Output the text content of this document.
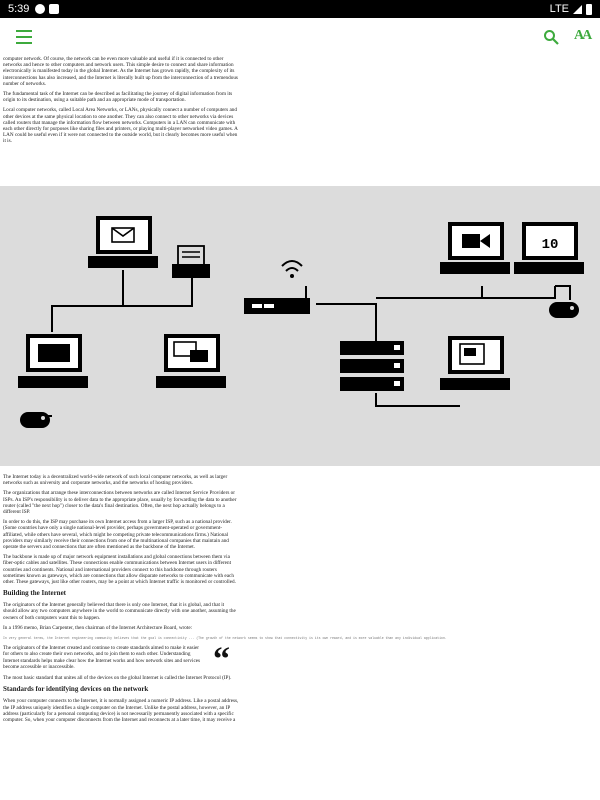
5:39	LTE
AA

computer network. Of course, the network can be even more valuable and useful if it is connected to other networks and hence to other computers and network users. This simple desire to connect and share information electronically is manifested today in the global Internet. As the Internet has grown rapidly, the complexity of its interconnections has also increased, and the Internet is literally built up from the interconnection of a tremendous number of networks.

The fundamental task of the Internet can be described as facilitating the journey of digital information from its origin to its destination, using a suitable path and an appropriate mode of transportation.

Local computer networks, called Local Area Networks, or LANs, physically connect a number of computers and other devices at the same physical location to one another. They can also connect to other networks via devices called routers that manage the information flow between networks. Computers in a LAN can communicate with each other directly for purposes like sharing files and printers, or playing multi-player networked video games. A LAN could be useful even if it were not connected to the outside world, but it clearly becomes more useful when it is.

10

The Internet today is a decentralized world-wide network of such local computer networks, as well as larger networks such as university and corporate networks, and the networks of hosting providers.

The organizations that arrange these interconnections between networks are called Internet Service Providers or ISPs. An ISP's responsibility is to deliver data to the appropriate place, usually by forwarding the data to another router (called "the next hop") closer to the data's final destination. Often, the next hop actually belongs to a different ISP.

In order to do this, the ISP may purchase its own Internet access from a larger ISP, such as a national provider. (Some countries have only a single national-level provider, perhaps government-operated or government-affiliated, while others have several, which might be competing private telecommunications firms.) National providers may similarly receive their connections from one of the multinational companies that maintain and operate the servers and connections that are often mentioned as the backbone of the Internet.

The backbone is made up of major network equipment installations and global connections between them via fiber-optic cables and satellites. These connections enable communications between Internet users in different countries and continents. National and international providers connect to this backbone through routers sometimes known as gateways, which are connections that allow disparate networks to communicate with each other. These gateways, just like other routers, may be a point at which Internet traffic is monitored or controlled.

Building the Internet

The originators of the Internet generally believed that there is only one Internet, that it is global, and that it should allow any two computers anywhere in the world to communicate directly with one another, assuming the owners of both computers want this to happen.

In a 1996 memo, Brian Carpenter, then chairman of the Internet Architecture Board, wrote:

In very general terms, the Internet engineering community believes that the goal is connectivity ... (The growth of the network seems to show that connectivity is its own reward, and is more valuable than any individual application.

The originators of the Internet created and continue to create standards aimed to make it easier for others to also create their own networks, and to join them to each other. Understanding Internet standards helps make clear how the Internet works and how network sites and services become accessible or inaccessible.	“

The most basic standard that unites all of the devices on the global Internet is called the Internet Protocol (IP).

Standards for identifying devices on the network

When your computer connects to the Internet, it is normally assigned a numeric IP address. Like a postal address, the IP address uniquely identifies a single computer on the Internet. Unlike the postal address, however, an IP address (particularly for a personal computing device) is not necessarily permanently associated with a specific computer. So, when your computer disconnects from the Internet and reconnects at a later time, it may receive a
